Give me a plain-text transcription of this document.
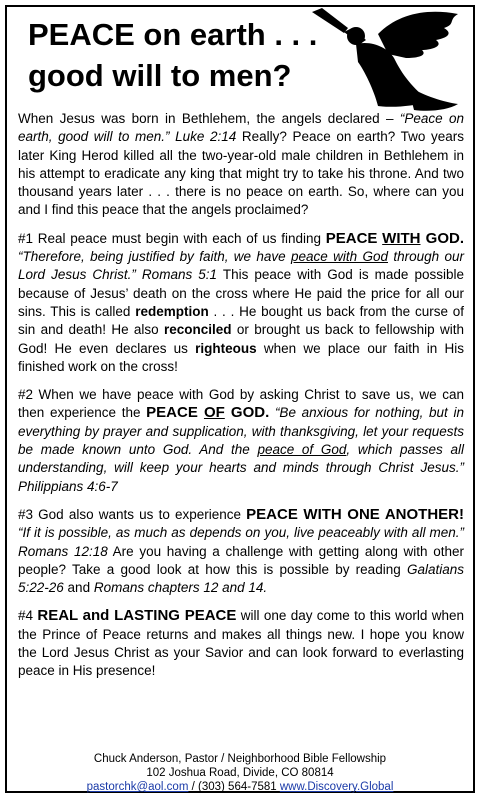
PEACE on earth . . .
good will to men?

When Jesus was born in Bethlehem, the angels declared – “Peace on earth, good will to men.” Luke 2:14 Really? Peace on earth? Two years later King Herod killed all the two-year-old male children in Bethlehem in his attempt to eradicate any king that might try to take his throne. And two thousand years later . . . there is no peace on earth. So, where can you and I find this peace that the angels proclaimed?

#1 Real peace must begin with each of us finding PEACE WITH GOD. “Therefore, being justified by faith, we have peace with God through our Lord Jesus Christ.” Romans 5:1 This peace with God is made possible because of Jesus’ death on the cross where He paid the price for all our sins. This is called redemption . . . He bought us back from the curse of sin and death! He also reconciled or brought us back to fellowship with God! He even declares us righteous when we place our faith in His finished work on the cross!

#2 When we have peace with God by asking Christ to save us, we can then experience the PEACE OF GOD. “Be anxious for nothing, but in everything by prayer and supplication, with thanksgiving, let your requests be made known unto God. And the peace of God, which passes all understanding, will keep your hearts and minds through Christ Jesus.” Philippians 4:6-7

#3 God also wants us to experience PEACE WITH ONE ANOTHER! “If it is possible, as much as depends on you, live peaceably with all men.” Romans 12:18 Are you having a challenge with getting along with other people? Take a good look at how this is possible by reading Galatians 5:22-26 and Romans chapters 12 and 14.

#4 REAL and LASTING PEACE will one day come to this world when the Prince of Peace returns and makes all things new. I hope you know the Lord Jesus Christ as your Savior and can look forward to everlasting peace in His presence!

Chuck Anderson, Pastor / Neighborhood Bible Fellowship
102 Joshua Road, Divide, CO 80814
pastorchk@aol.com / (303) 564-7581 www.Discovery.Global
